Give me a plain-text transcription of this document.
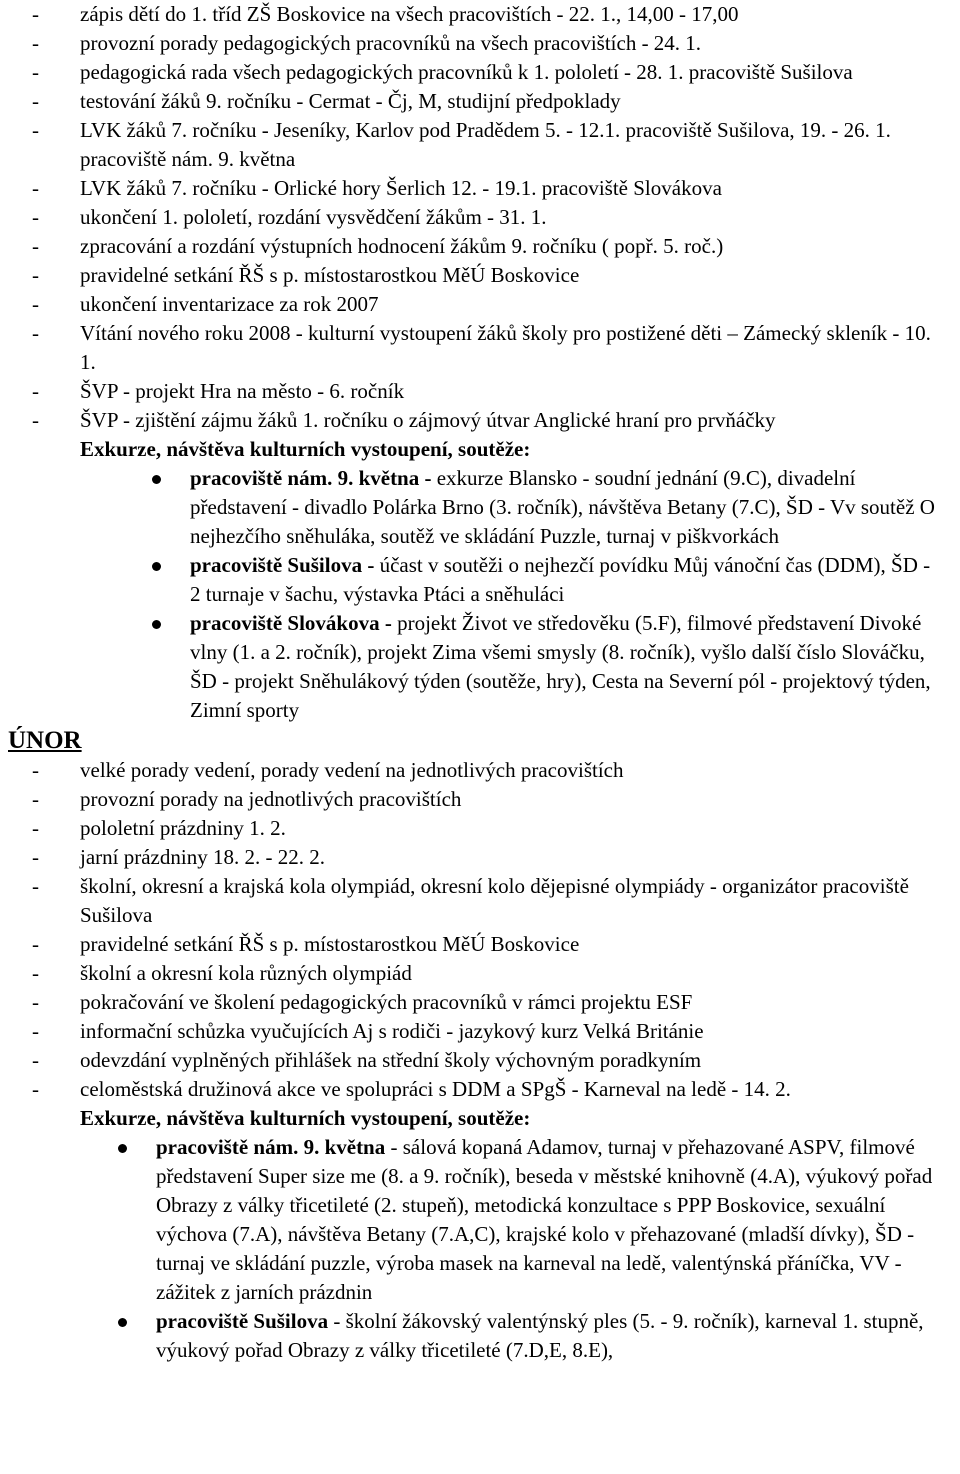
- zápis dětí do 1. tříd ZŠ Boskovice na všech pracovištích - 22. 1., 14,00 - 17,00
- provozní porady pedagogických pracovníků na všech pracovištích - 24. 1.
- pedagogická rada všech pedagogických pracovníků k 1. pololetí - 28. 1. pracoviště Sušilova
- testování žáků 9. ročníku - Cermat - Čj, M, studijní předpoklady
- LVK žáků 7. ročníku - Jeseníky, Karlov pod Pradědem 5. - 12.1. pracoviště Sušilova, 19. - 26. 1. pracoviště nám. 9. května
- LVK žáků 7. ročníku - Orlické hory Šerlich 12. - 19.1. pracoviště Slovákova
- ukončení 1. pololetí, rozdání vysvědčení žákům - 31. 1.
- zpracování a rozdání výstupních hodnocení žákům 9. ročníku ( popř. 5. roč.)
- pravidelné setkání ŘŠ s p. místostarostkou MěÚ Boskovice
- ukončení inventarizace za rok 2007
- Vítání nového roku 2008 - kulturní vystoupení žáků školy pro postižené děti – Zámecký skleník - 10. 1.
- ŠVP - projekt Hra na město - 6. ročník
- ŠVP - zjištění zájmu žáků 1. ročníku o zájmový útvar Anglické hraní pro prvňáčky
Exkurze, návštěva kulturních vystoupení, soutěže:
pracoviště nám. 9. května - exkurze Blansko - soudní jednání (9.C), divadelní představení - divadlo Polárka Brno (3. ročník), návštěva Betany (7.C), ŠD - Vv soutěž O nejhezčího sněhuláka, soutěž ve skládání Puzzle, turnaj v piškvorkách
pracoviště Sušilova - účast v soutěži o nejhezčí povídku Můj vánoční čas (DDM), ŠD - 2 turnaje v šachu, výstavka Ptáci a sněhuláci
pracoviště Slovákova - projekt Život ve středověku (5.F), filmové představení Divoké vlny (1. a 2. ročník), projekt Zima všemi smysly (8. ročník), vyšlo další číslo Slováčku, ŠD - projekt Sněhulákový týden (soutěže, hry), Cesta na Severní pól - projektový týden, Zimní sporty
ÚNOR
- velké porady vedení, porady vedení na jednotlivých pracovištích
- provozní porady na jednotlivých pracovištích
- pololetní prázdniny 1. 2.
- jarní prázdniny 18. 2. - 22. 2.
- školní, okresní a krajská kola olympiád, okresní kolo dějepisné olympiády - organizátor pracoviště Sušilova
- pravidelné setkání ŘŠ s p. místostarostkou MěÚ Boskovice
- školní a okresní kola různých olympiád
- pokračování ve školení pedagogických pracovníků v rámci projektu ESF
- informační schůzka vyučujících Aj s rodiči - jazykový kurz Velká Británie
- odevzdání vyplněných přihlášek na střední školy výchovným poradkyním
- celoměstská družinová akce ve spolupráci s DDM a SPgŠ - Karneval na ledě - 14. 2.
Exkurze, návštěva kulturních vystoupení, soutěže:
pracoviště nám. 9. května - sálová kopaná Adamov, turnaj v přehazované ASPV, filmové představení Super size me (8. a 9. ročník), beseda v městské knihovně (4.A), výukový pořad Obrazy z války třicetileté (2. stupeň), metodická konzultace s PPP Boskovice, sexuální výchova (7.A), návštěva Betany (7.A,C), krajské kolo v přehazované (mladší dívky), ŠD - turnaj ve skládání puzzle, výroba masek na karneval na ledě, valentýnská přáníčka, VV - zážitek z jarních prázdnin
pracoviště Sušilova - školní žákovský valentýnský ples (5. - 9. ročník), karneval 1. stupně, výukový pořad Obrazy z války třicetileté (7.D,E, 8.E),
